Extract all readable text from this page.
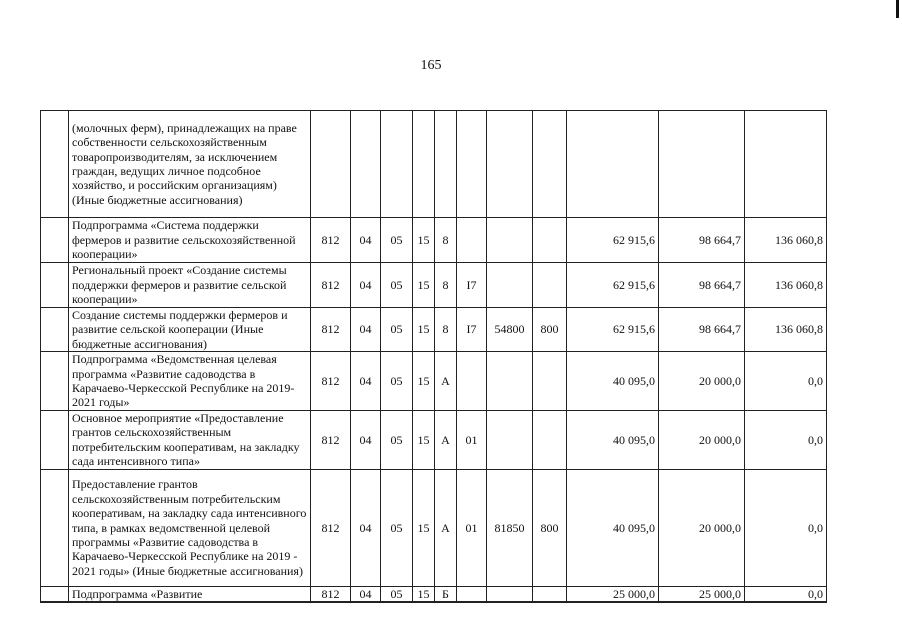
165
	(молочных ферм), принадлежащих на праве собственности сельскохозяйственным товаропроизводителям, за исключением граждан, ведущих личное подсобное хозяйство, и российским организациям) (Иные бюджетные ассигнования)											
	Подпрограмма «Система поддержки фермеров и развитие сельскохозяйственной кооперации»	812	04	05	15	8				62 915,6	98 664,7	136 060,8
	Региональный проект «Создание системы поддержки фермеров и развитие сельской кооперации»	812	04	05	15	8	I7			62 915,6	98 664,7	136 060,8
	Создание системы поддержки фермеров и развитие сельской кооперации (Иные бюджетные ассигнования)	812	04	05	15	8	I7	54800	800	62 915,6	98 664,7	136 060,8
	Подпрограмма «Ведомственная целевая программа «Развитие садоводства в Карачаево-Черкесской Республике на 2019-2021 годы»	812	04	05	15	А				40 095,0	20 000,0	0,0
	Основное мероприятие «Предоставление грантов сельскохозяйственным потребительским кооперативам, на закладку сада интенсивного типа»	812	04	05	15	А	01			40 095,0	20 000,0	0,0
	Предоставление грантов сельскохозяйственным потребительским кооперативам, на закладку сада интенсивного типа, в рамках ведомственной целевой программы «Развитие садоводства в Карачаево-Черкесской Республике на 2019 - 2021 годы» (Иные бюджетные ассигнования)	812	04	05	15	А	01	81850	800	40 095,0	20 000,0	0,0
	Подпрограмма «Развитие	812	04	05	15	Б				25 000,0	25 000,0	0,0
